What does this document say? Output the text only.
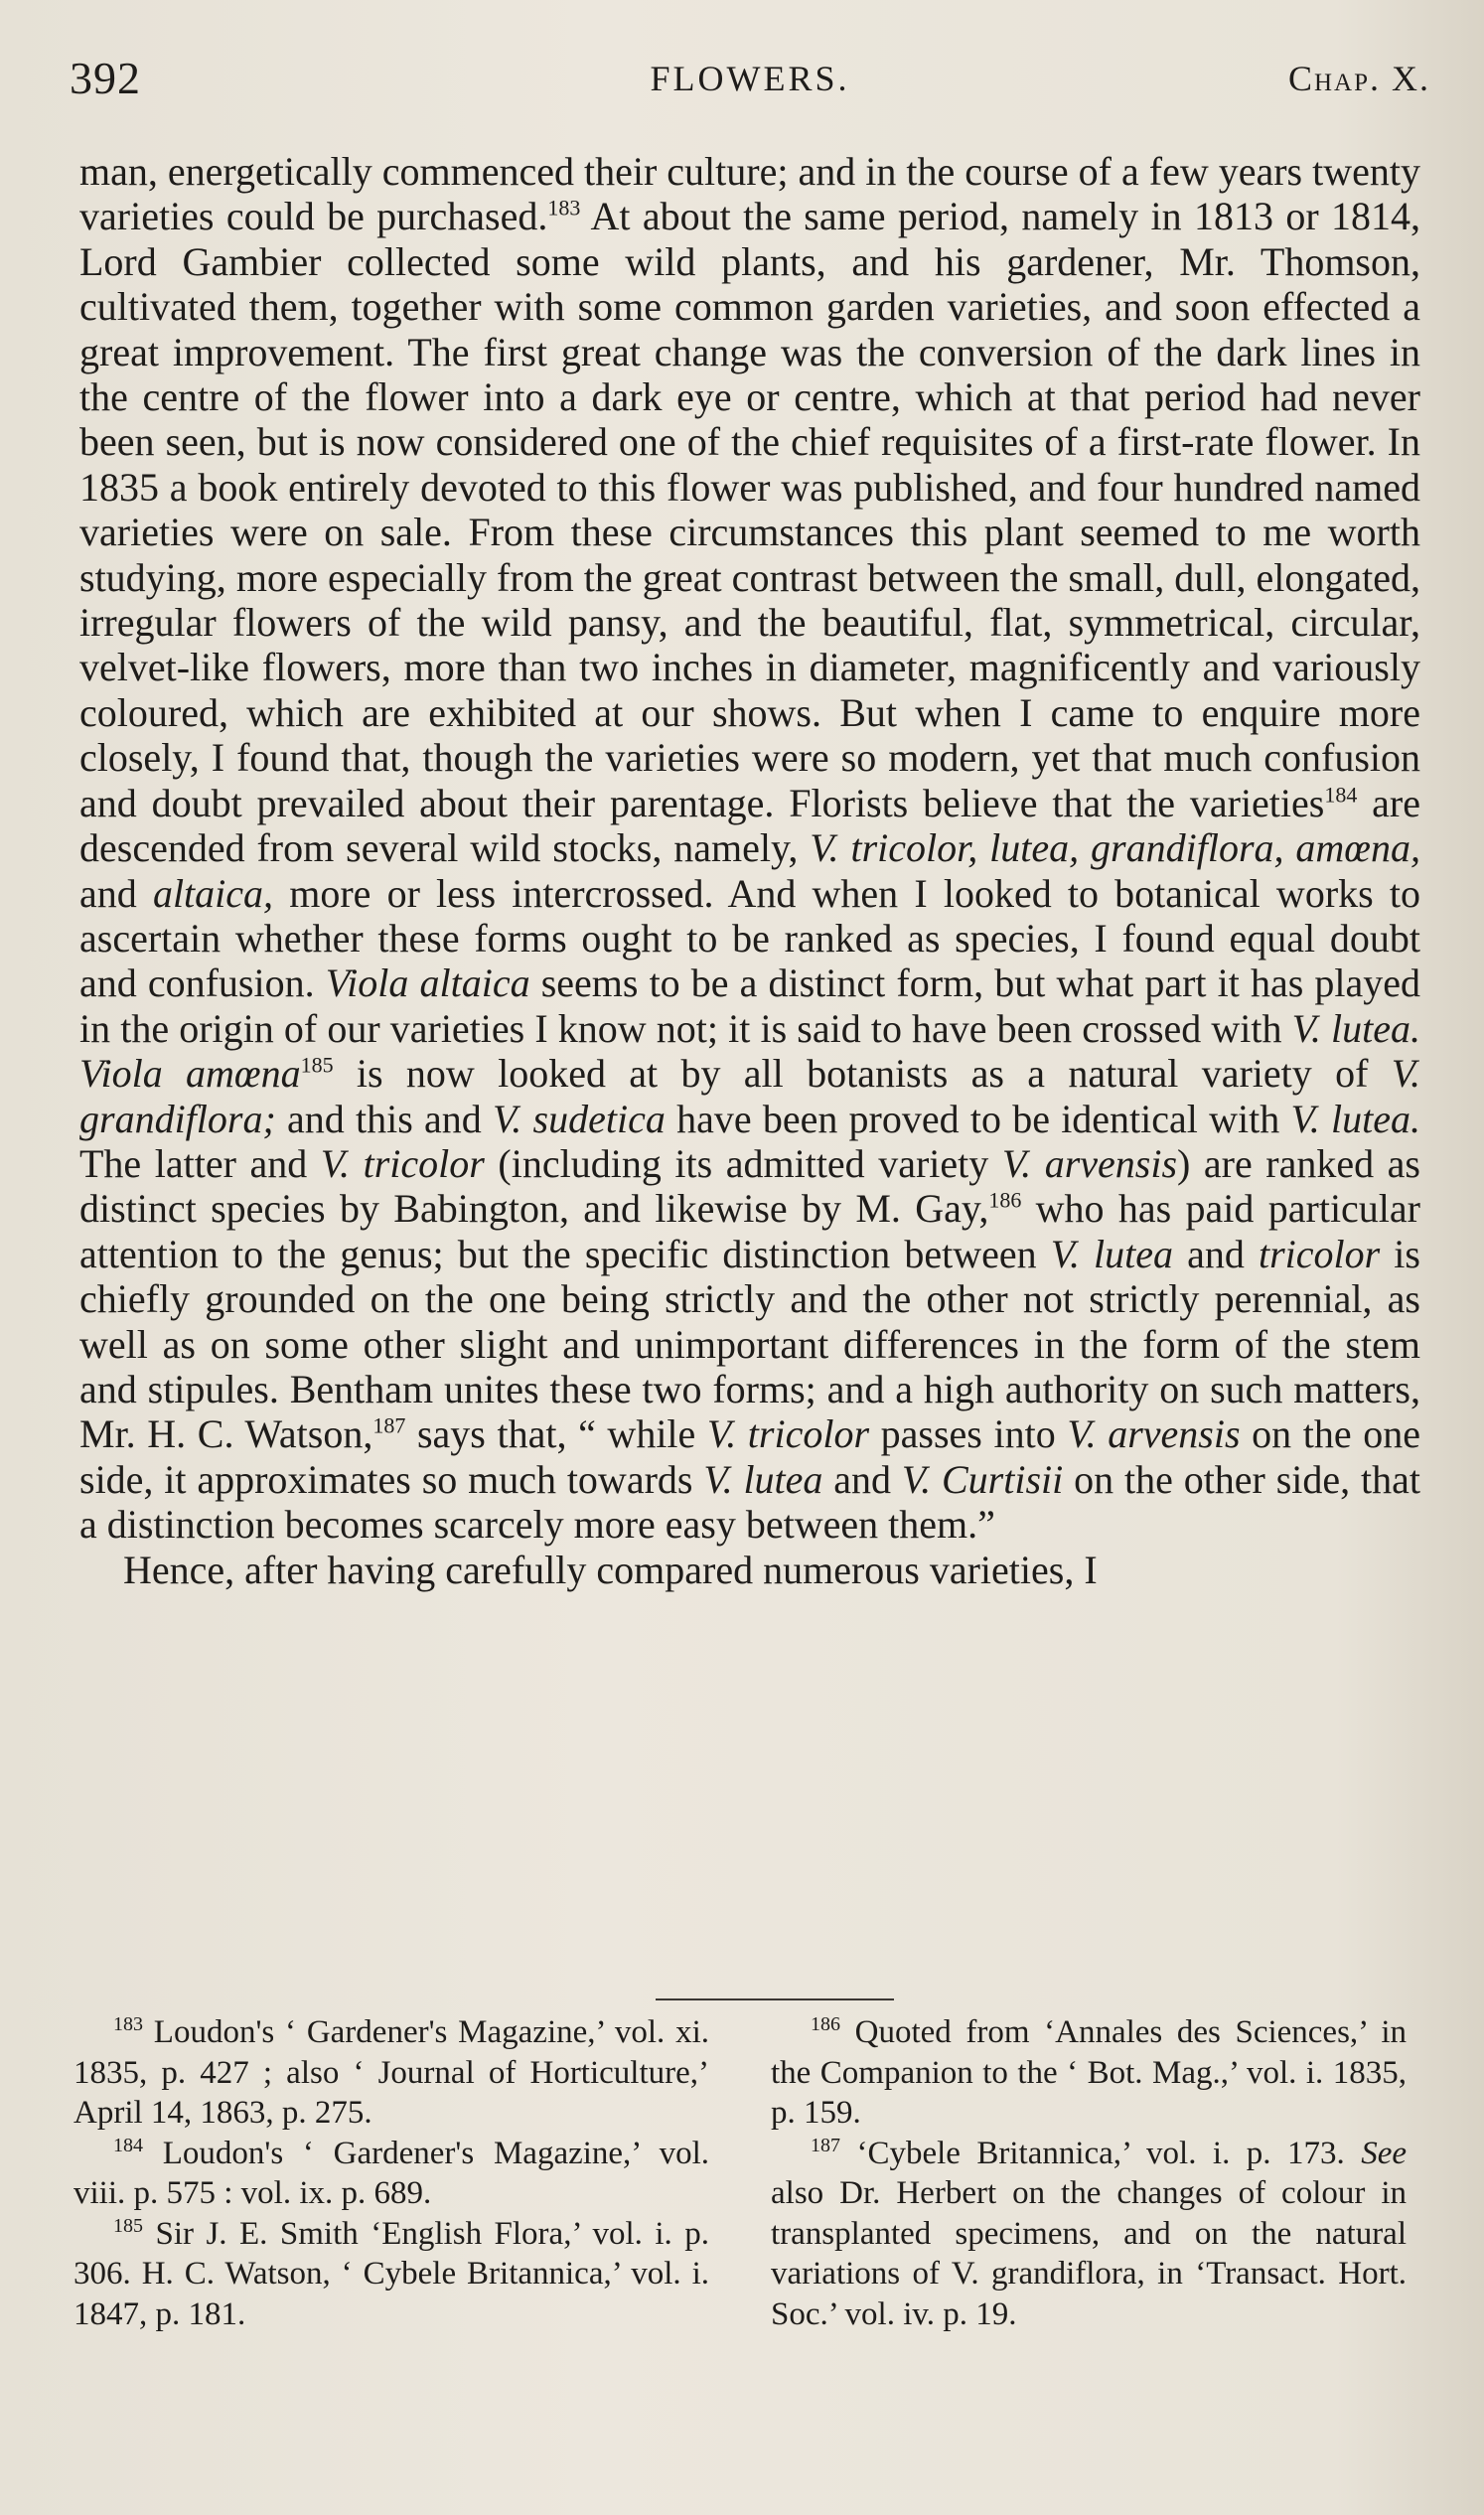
392	FLOWERS.	Chap. X.

man, energetically commenced their culture; and in the course of a few years twenty varieties could be purchased.$^{183}$ At about the same period, namely in 1813 or 1814, Lord Gambier collected some wild plants, and his gardener, Mr. Thomson, cultivated them, together with some common garden varieties, and soon effected a great improvement. The first great change was the conversion of the dark lines in the centre of the flower into a dark eye or centre, which at that period had never been seen, but is now considered one of the chief requisites of a first-rate flower. In 1835 a book entirely devoted to this flower was published, and four hundred named varieties were on sale. From these circumstances this plant seemed to me worth studying, more especially from the great contrast between the small, dull, elongated, irregular flowers of the wild pansy, and the beautiful, flat, symmetrical, circular, velvet-like flowers, more than two inches in diameter, magnificently and variously coloured, which are exhibited at our shows. But when I came to enquire more closely, I found that, though the varieties were so modern, yet that much confusion and doubt prevailed about their parentage. Florists believe that the varieties$^{184}$ are descended from several wild stocks, namely, V. tricolor, lutea, grandiflora, amœna, and altaica, more or less intercrossed. And when I looked to botanical works to ascertain whether these forms ought to be ranked as species, I found equal doubt and confusion. Viola altaica seems to be a distinct form, but what part it has played in the origin of our varieties I know not; it is said to have been crossed with V. lutea. Viola amœna$^{185}$ is now looked at by all botanists as a natural variety of V. grandiflora; and this and V. sudetica have been proved to be identical with V. lutea. The latter and V. tricolor (including its admitted variety V. arvensis) are ranked as distinct species by Babington, and likewise by M. Gay,$^{186}$ who has paid particular attention to the genus; but the specific distinction between V. lutea and tricolor is chiefly grounded on the one being strictly and the other not strictly perennial, as well as on some other slight and unimportant differences in the form of the stem and stipules. Bentham unites these two forms; and a high authority on such matters, Mr. H. C. Watson,$^{187}$ says that, “ while V. tricolor passes into V. arvensis on the one side, it approximates so much towards V. lutea and V. Curtisii on the other side, that a distinction becomes scarcely more easy between them.”

Hence, after having carefully compared numerous varieties, I

$^{183}$ Loudon's ‘ Gardener's Magazine,’ vol. xi. 1835, p. 427 ; also ‘ Journal of Horticulture,’ April 14, 1863, p. 275.

$^{184}$ Loudon's ‘ Gardener's Magazine,’ vol. viii. p. 575 : vol. ix. p. 689.

$^{185}$ Sir J. E. Smith ‘English Flora,’ vol. i. p. 306. H. C. Watson, ‘ Cybele Britannica,’ vol. i. 1847, p. 181.

$^{186}$ Quoted from ‘Annales des Sciences,’ in the Companion to the ‘ Bot. Mag.,’ vol. i. 1835, p. 159.

$^{187}$ ‘Cybele Britannica,’ vol. i. p. 173. See also Dr. Herbert on the changes of colour in transplanted specimens, and on the natural variations of V. grandiflora, in ‘Transact. Hort. Soc.’ vol. iv. p. 19.
